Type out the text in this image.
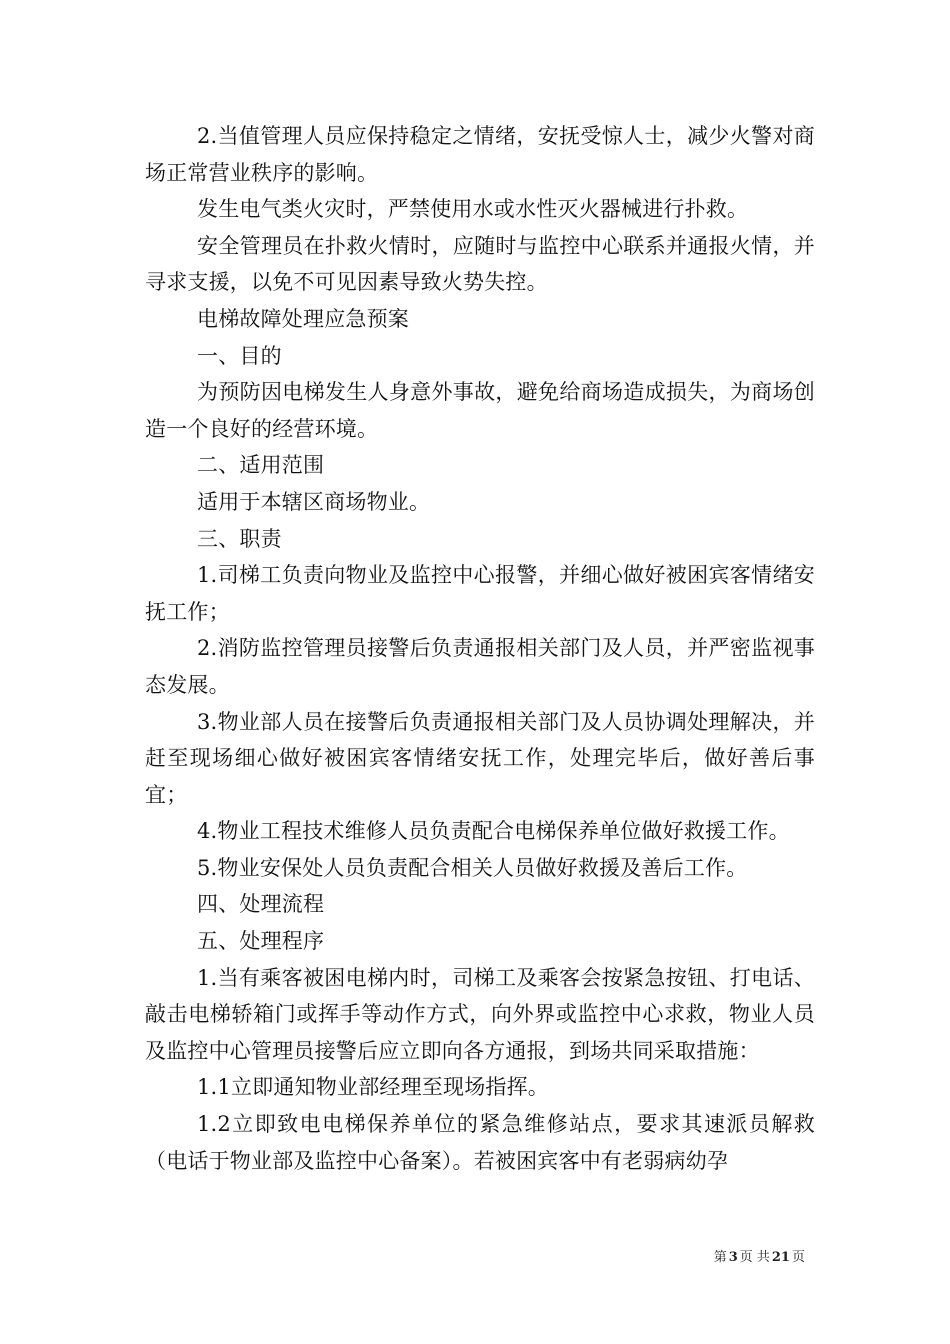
2.当值管理人员应保持稳定之情绪，安抚受惊人士，减少火警对商场正常营业秩序的影响。

发生电气类火灾时，严禁使用水或水性灭火器械进行扑救。

安全管理员在扑救火情时，应随时与监控中心联系并通报火情，并寻求支援，以免不可见因素导致火势失控。

电梯故障处理应急预案

一、目的

为预防因电梯发生人身意外事故，避免给商场造成损失，为商场创造一个良好的经营环境。

二、适用范围

适用于本辖区商场物业。

三、职责

1.司梯工负责向物业及监控中心报警，并细心做好被困宾客情绪安抚工作；

2.消防监控管理员接警后负责通报相关部门及人员，并严密监视事态发展。

3.物业部人员在接警后负责通报相关部门及人员协调处理解决，并赶至现场细心做好被困宾客情绪安抚工作，处理完毕后，做好善后事宜；

4.物业工程技术维修人员负责配合电梯保养单位做好救援工作。

5.物业安保处人员负责配合相关人员做好救援及善后工作。

四、处理流程

五、处理程序

1.当有乘客被困电梯内时，司梯工及乘客会按紧急按钮、打电话、敲击电梯轿箱门或挥手等动作方式，向外界或监控中心求救，物业人员及监控中心管理员接警后应立即向各方通报，到场共同采取措施：

1.1立即通知物业部经理至现场指挥。

1.2立即致电电梯保养单位的紧急维修站点，要求其速派员解救（电话于物业部及监控中心备案）。若被困宾客中有老弱病幼孕

第 3 页 共 21 页
